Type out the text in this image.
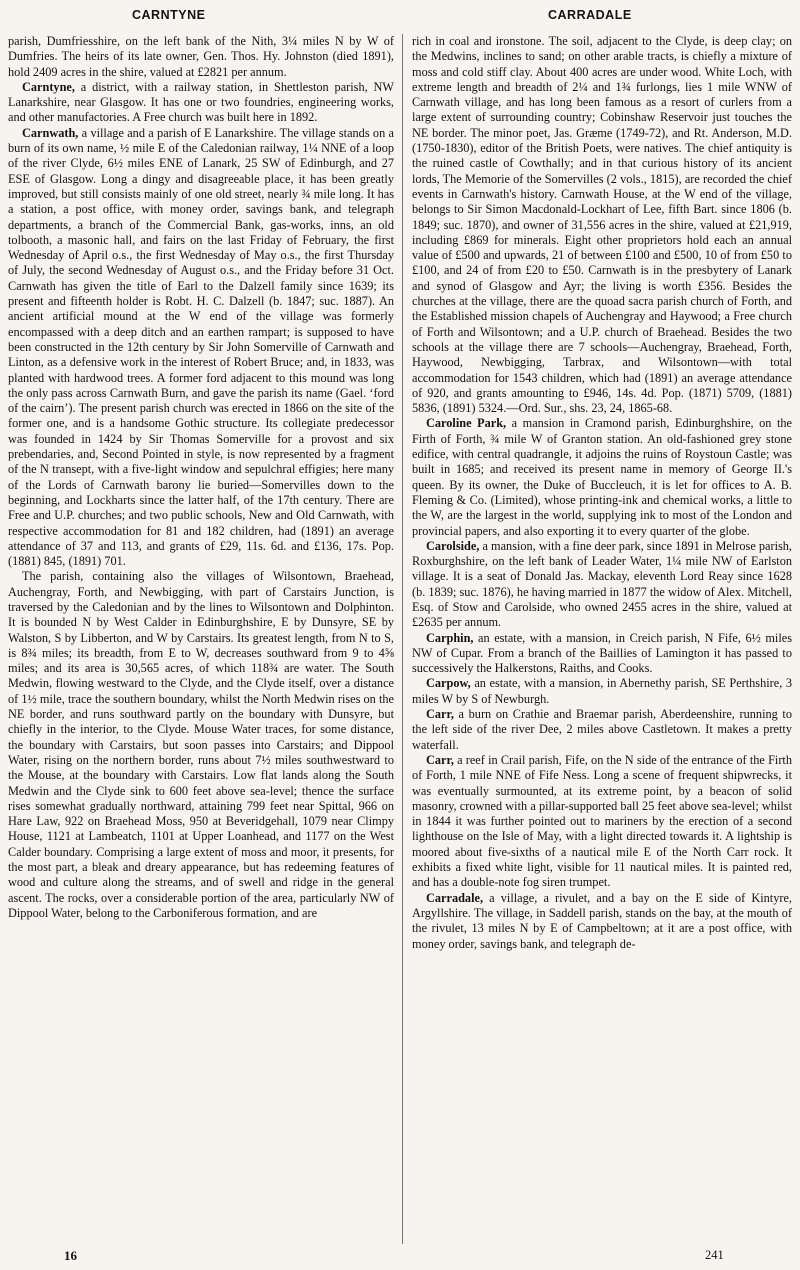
CARNTYNE	CARRADALE

parish, Dumfriesshire, on the left bank of the Nith, 3¼ miles N by W of Dumfries. The heirs of its late owner, Gen. Thos. Hy. Johnston (died 1891), hold 2409 acres in the shire, valued at £2821 per annum.

Carntyne, a district, with a railway station, in Shettleston parish, NW Lanarkshire, near Glasgow. It has one or two foundries, engineering works, and other manufactories. A Free church was built here in 1892.

Carnwath, a village and a parish of E Lanarkshire. The village stands on a burn of its own name, ½ mile E of the Caledonian railway, 1¼ NNE of a loop of the river Clyde, 6½ miles ENE of Lanark, 25 SW of Edinburgh, and 27 ESE of Glasgow. Long a dingy and disagreeable place, it has been greatly improved, but still consists mainly of one old street, nearly ¾ mile long. It has a station, a post office, with money order, savings bank, and telegraph departments, a branch of the Commercial Bank, gas-works, inns, an old tolbooth, a masonic hall, and fairs on the last Friday of February, the first Wednesday of April o.s., the first Wednesday of May o.s., the first Thursday of July, the second Wednesday of August o.s., and the Friday before 31 Oct. Carnwath has given the title of Earl to the Dalzell family since 1639; its present and fifteenth holder is Robt. H. C. Dalzell (b. 1847; suc. 1887). An ancient artificial mound at the W end of the village was formerly encompassed with a deep ditch and an earthen rampart; is supposed to have been constructed in the 12th century by Sir John Somerville of Carnwath and Linton, as a defensive work in the interest of Robert Bruce; and, in 1833, was planted with hardwood trees. A former ford adjacent to this mound was long the only pass across Carnwath Burn, and gave the parish its name (Gael. ‘ford of the cairn’). The present parish church was erected in 1866 on the site of the former one, and is a handsome Gothic structure. Its collegiate predecessor was founded in 1424 by Sir Thomas Somerville for a provost and six prebendaries, and, Second Pointed in style, is now represented by a fragment of the N transept, with a five-light window and sepulchral effigies; here many of the Lords of Carnwath barony lie buried—Somervilles down to the beginning, and Lockharts since the latter half, of the 17th century. There are Free and U.P. churches; and two public schools, New and Old Carnwath, with respective accommodation for 81 and 182 children, had (1891) an average attendance of 37 and 113, and grants of £29, 11s. 6d. and £136, 17s. Pop. (1881) 845, (1891) 701.

The parish, containing also the villages of Wilsontown, Braehead, Auchengray, Forth, and Newbigging, with part of Carstairs Junction, is traversed by the Caledonian and by the lines to Wilsontown and Dolphinton. It is bounded N by West Calder in Edinburghshire, E by Dunsyre, SE by Walston, S by Libberton, and W by Carstairs. Its greatest length, from N to S, is 8¾ miles; its breadth, from E to W, decreases southward from 9 to 4⅝ miles; and its area is 30,565 acres, of which 118¾ are water. The South Medwin, flowing westward to the Clyde, and the Clyde itself, over a distance of 1½ mile, trace the southern boundary, whilst the North Medwin rises on the NE border, and runs southward partly on the boundary with Dunsyre, but chiefly in the interior, to the Clyde. Mouse Water traces, for some distance, the boundary with Carstairs, but soon passes into Carstairs; and Dippool Water, rising on the northern border, runs about 7½ miles southwestward to the Mouse, at the boundary with Carstairs. Low flat lands along the South Medwin and the Clyde sink to 600 feet above sea-level; thence the surface rises somewhat gradually northward, attaining 799 feet near Spittal, 966 on Hare Law, 922 on Braehead Moss, 950 at Beveridgehall, 1079 near Climpy House, 1121 at Lambeatch, 1101 at Upper Loanhead, and 1177 on the West Calder boundary. Comprising a large extent of moss and moor, it presents, for the most part, a bleak and dreary appearance, but has redeeming features of wood and culture along the streams, and of swell and ridge in the general ascent. The rocks, over a considerable portion of the area, particularly NW of Dippool Water, belong to the Carboniferous formation, and are

rich in coal and ironstone. The soil, adjacent to the Clyde, is deep clay; on the Medwins, inclines to sand; on other arable tracts, is chiefly a mixture of moss and cold stiff clay. About 400 acres are under wood. White Loch, with extreme length and breadth of 2¼ and 1¾ furlongs, lies 1 mile WNW of Carnwath village, and has long been famous as a resort of curlers from a large extent of surrounding country; Cobinshaw Reservoir just touches the NE border. The minor poet, Jas. Græme (1749-72), and Rt. Anderson, M.D. (1750-1830), editor of the British Poets, were natives. The chief antiquity is the ruined castle of Cowthally; and in that curious history of its ancient lords, The Memorie of the Somervilles (2 vols., 1815), are recorded the chief events in Carnwath's history. Carnwath House, at the W end of the village, belongs to Sir Simon Macdonald-Lockhart of Lee, fifth Bart. since 1806 (b. 1849; suc. 1870), and owner of 31,556 acres in the shire, valued at £21,919, including £869 for minerals. Eight other proprietors hold each an annual value of £500 and upwards, 21 of between £100 and £500, 10 of from £50 to £100, and 24 of from £20 to £50. Carnwath is in the presbytery of Lanark and synod of Glasgow and Ayr; the living is worth £356. Besides the churches at the village, there are the quoad sacra parish church of Forth, and the Established mission chapels of Auchengray and Haywood; a Free church of Forth and Wilsontown; and a U.P. church of Braehead. Besides the two schools at the village there are 7 schools—Auchengray, Braehead, Forth, Haywood, Newbigging, Tarbrax, and Wilsontown—with total accommodation for 1543 children, which had (1891) an average attendance of 920, and grants amounting to £946, 14s. 4d. Pop. (1871) 5709, (1881) 5836, (1891) 5324.—Ord. Sur., shs. 23, 24, 1865-68.

Caroline Park, a mansion in Cramond parish, Edinburghshire, on the Firth of Forth, ¾ mile W of Granton station. An old-fashioned grey stone edifice, with central quadrangle, it adjoins the ruins of Roystoun Castle; was built in 1685; and received its present name in memory of George II.'s queen. By its owner, the Duke of Buccleuch, it is let for offices to A. B. Fleming & Co. (Limited), whose printing-ink and chemical works, a little to the W, are the largest in the world, supplying ink to most of the London and provincial papers, and also exporting it to every quarter of the globe.

Carolside, a mansion, with a fine deer park, since 1891 in Melrose parish, Roxburghshire, on the left bank of Leader Water, 1¼ mile NW of Earlston village. It is a seat of Donald Jas. Mackay, eleventh Lord Reay since 1628 (b. 1839; suc. 1876), he having married in 1877 the widow of Alex. Mitchell, Esq. of Stow and Carolside, who owned 2455 acres in the shire, valued at £2635 per annum.

Carphin, an estate, with a mansion, in Creich parish, N Fife, 6½ miles NW of Cupar. From a branch of the Baillies of Lamington it has passed to successively the Halkerstons, Raiths, and Cooks.

Carpow, an estate, with a mansion, in Abernethy parish, SE Perthshire, 3 miles W by S of Newburgh.

Carr, a burn on Crathie and Braemar parish, Aberdeenshire, running to the left side of the river Dee, 2 miles above Castletown. It makes a pretty waterfall.

Carr, a reef in Crail parish, Fife, on the N side of the entrance of the Firth of Forth, 1 mile NNE of Fife Ness. Long a scene of frequent shipwrecks, it was eventually surmounted, at its extreme point, by a beacon of solid masonry, crowned with a pillar-supported ball 25 feet above sea-level; whilst in 1844 it was further pointed out to mariners by the erection of a second lighthouse on the Isle of May, with a light directed towards it. A lightship is moored about five-sixths of a nautical mile E of the North Carr rock. It exhibits a fixed white light, visible for 11 nautical miles. It is painted red, and has a double-note fog siren trumpet.

Carradale, a village, a rivulet, and a bay on the E side of Kintyre, Argyllshire. The village, in Saddell parish, stands on the bay, at the mouth of the rivulet, 13 miles N by E of Campbeltown; at it are a post office, with money order, savings bank, and telegraph de-

16	241
